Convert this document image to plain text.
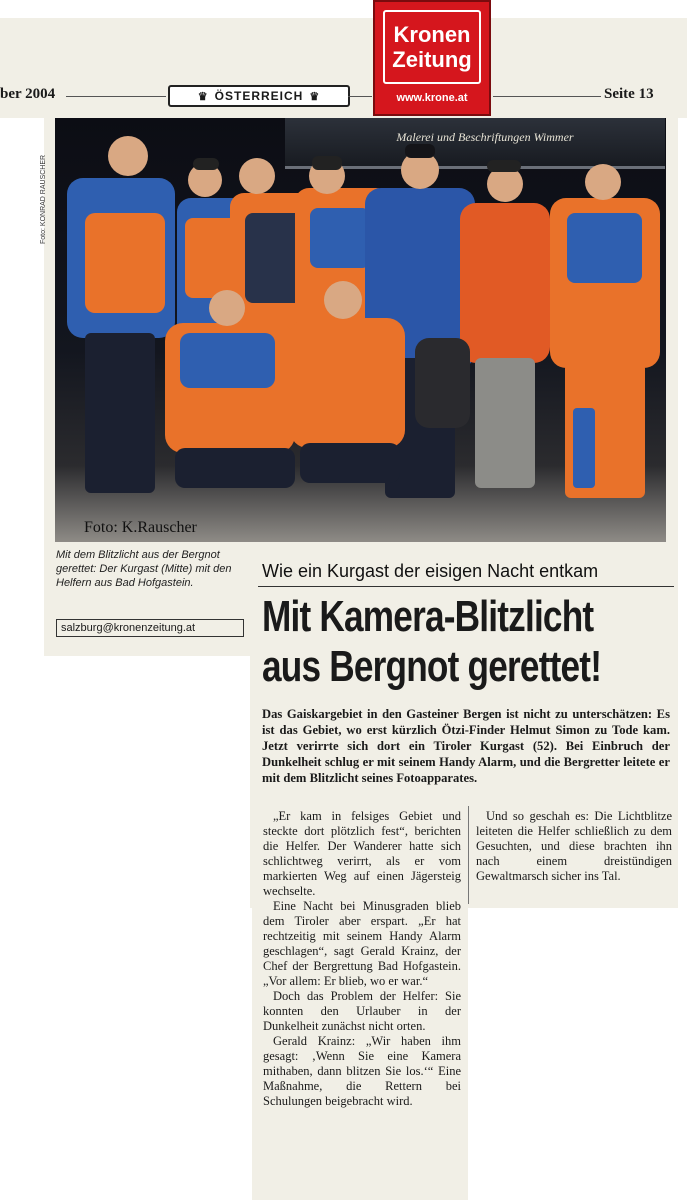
ber 2004	♛ ÖSTERREICH ♛	Seite 13
Kronen
Zeitung
www.krone.at
Foto: KONRAD RAUSCHER
Malerei und Beschriftungen Wimmer
Foto: K.Rauscher
Mit dem Blitzlicht aus der Bergnot gerettet: Der Kurgast (Mitte) mit den Helfern aus Bad Hofgastein.
salzburg@kronenzeitung.at
Wie ein Kurgast der eisigen Nacht entkam
Mit Kamera-Blitzlicht
aus Bergnot gerettet!
Das Gaiskargebiet in den Gasteiner Bergen ist nicht zu unterschätzen: Es ist das Gebiet, wo erst kürzlich Ötzi-Finder Helmut Simon zu Tode kam. Jetzt verirrte sich dort ein Tiroler Kurgast (52). Bei Einbruch der Dunkelheit schlug er mit seinem Handy Alarm, und die Bergretter leitete er mit dem Blitzlicht seines Fotoapparates.

„Er kam in felsiges Gebiet und steckte dort plötzlich fest“, berichten die Helfer. Der Wanderer hatte sich schlichtweg verirrt, als er vom markierten Weg auf einen Jägersteig wechselte.

Eine Nacht bei Minusgraden blieb dem Tiroler aber erspart. „Er hat rechtzeitig mit seinem Handy Alarm geschlagen“, sagt Gerald Krainz, der Chef der Bergrettung Bad Hofgastein. „Vor allem: Er blieb, wo er war.“

Doch das Problem der Helfer: Sie konnten den Urlauber in der Dunkelheit zunächst nicht orten.

Gerald Krainz: „Wir haben ihm gesagt: ‚Wenn Sie eine Kamera mithaben, dann blitzen Sie los.‘“ Eine Maßnahme, die Rettern bei Schulungen beigebracht wird.

Und so geschah es: Die Lichtblitze leiteten die Helfer schließlich zu dem Gesuchten, und diese brachten ihn nach einem dreistündigen Gewaltmarsch sicher ins Tal.
